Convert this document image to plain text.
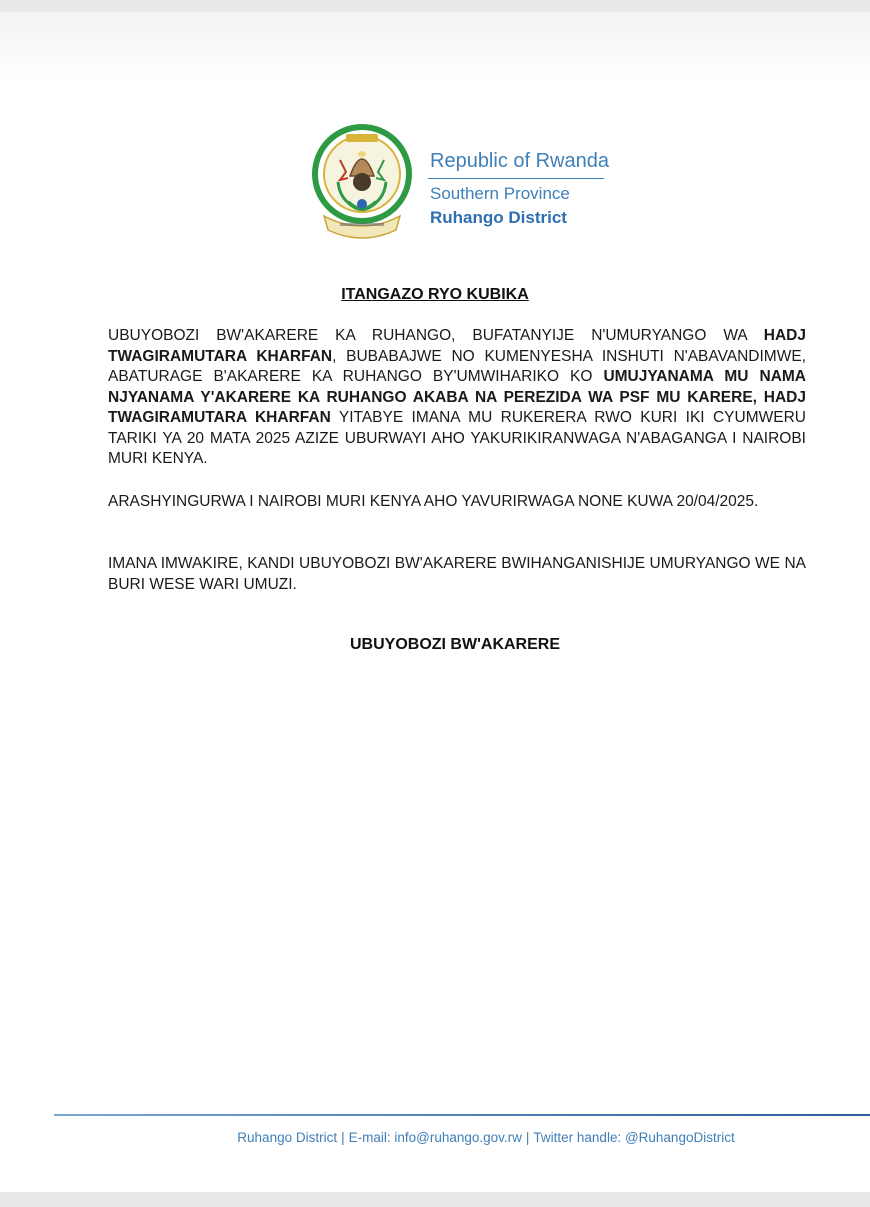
Republic of Rwanda
Southern Province
Ruhango District
ITANGAZO RYO KUBIKA
UBUYOBOZI BW'AKARERE KA RUHANGO, BUFATANYIJE N'UMURYANGO WA HADJ TWAGIRAMUTARA KHARFAN, BUBABAJWE NO KUMENYESHA INSHUTI N'ABAVANDIMWE, ABATURAGE B'AKARERE KA RUHANGO BY'UMWIHARIKO KO UMUJYANAMA MU NAMA NJYANAMA Y'AKARERE KA RUHANGO AKABA NA PEREZIDA WA PSF MU KARERE, HADJ TWAGIRAMUTARA KHARFAN YITABYE IMANA MU RUKERERA RWO KURI IKI CYUMWERU TARIKI YA 20 MATA 2025 AZIZE UBURWAYI AHO YAKURIKIRANWAGA N'ABAGANGA I NAIROBI MURI KENYA.
ARASHYINGURWA I NAIROBI MURI KENYA AHO YAVURIRWAGA NONE KUWA 20/04/2025.
IMANA IMWAKIRE, KANDI UBUYOBOZI BW'AKARERE BWIHANGANISHIJE UMURYANGO WE NA BURI WESE WARI UMUZI.
UBUYOBOZI BW'AKARERE
Ruhango District | E-mail: info@ruhango.gov.rw | Twitter handle: @RuhangoDistrict
